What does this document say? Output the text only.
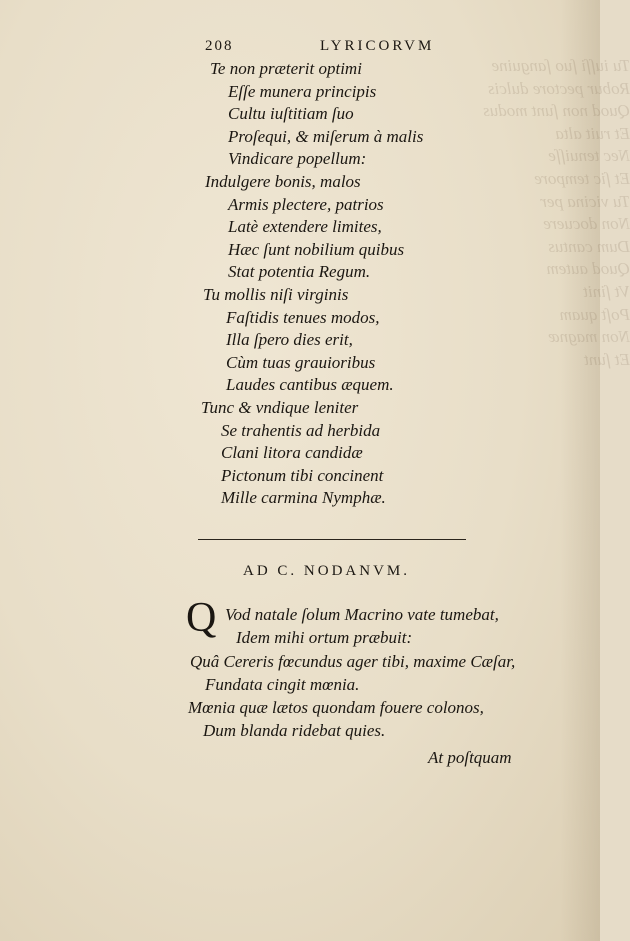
Tu ſanguine
Robur pectore dulcis
Quod non ſunt modus
Et
Nec
Et ſic
Tu per
Non
Dum
Quod
Vt ſinit
Poſt
Non
Et ſunt
208	LYRICORVM
Te non præterit optimi
Eſſe munera principis
Cultu iuſtitiam ſuo
Proſequi, & miſerum à malis
Vindicare popellum:
Indulgere bonis, malos
Armis plectere, patrios
Latè extendere limites,
Hæc ſunt nobilium quibus
Stat potentia Regum.
Tu mollis niſi virginis
Faſtidis tenues modos,
Illa ſpero dies erit,
Cùm tuas grauioribus
Laudes cantibus æquem.
Tunc & vndique leniter
Se trahentis ad herbida
Clani litora candidæ
Pictonum tibi concinent
Mille carmina Nymphæ.
AD C. NODANVM.
Q Vod natale ſolum Macrino vate tumebat,
Idem mihi ortum præbuit:
Quâ Cereris fœcundus ager tibi, maxime Cæſar,
Fundata cingit mœnia.
Mœnia quæ lætos quondam fouere colonos,
Dum blanda ridebat quies.
At poſtquam
